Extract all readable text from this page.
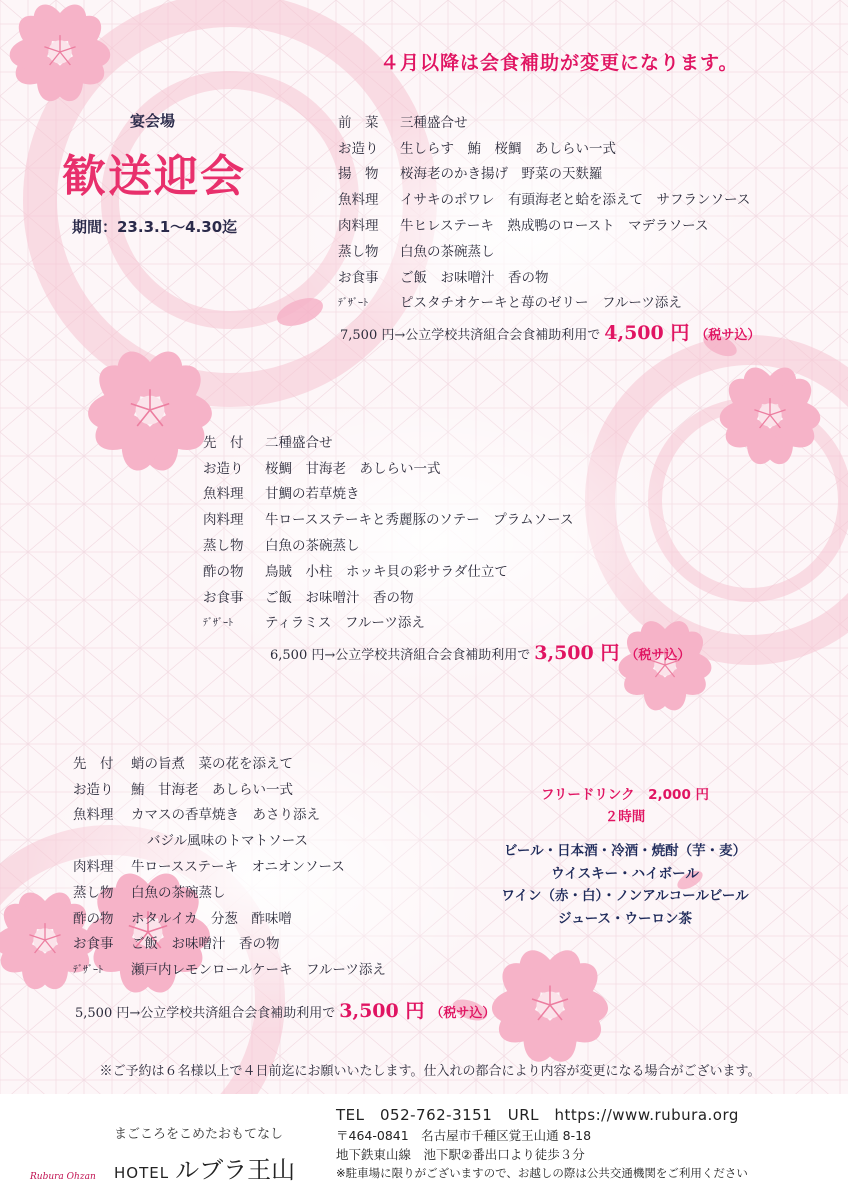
４月以降は会食補助が変更になります。
宴会場
歓送迎会
期間：23.3.1～4.30迄
前　菜	三種盛合せ
お造り	生しらす　鮪　桜鯛　あしらい一式
揚　物	桜海老のかき揚げ　野菜の天麩羅
魚料理	イサキのポワレ　有頭海老と蛤を添えて　サフランソース
肉料理	牛ヒレステーキ　熟成鴨のロースト　マデラソース
蒸し物	白魚の茶碗蒸し
お食事	ご飯　お味噌汁　香の物
ﾃﾞｻﾞｰﾄ	ピスタチオケーキと苺のゼリー　フルーツ添え
7,500 円→公立学校共済組合会食補助利用で 4,500 円 （税サ込）
先　付	二種盛合せ
お造り	桜鯛　甘海老　あしらい一式
魚料理	甘鯛の若草焼き
肉料理	牛ロースステーキと秀麗豚のソテー　プラムソース
蒸し物	白魚の茶碗蒸し
酢の物	鳥賊　小柱　ホッキ貝の彩サラダ仕立て
お食事	ご飯　お味噌汁　香の物
ﾃﾞｻﾞｰﾄ	ティラミス　フルーツ添え
6,500 円→公立学校共済組合会食補助利用で 3,500 円 （税サ込）
先　付	蛸の旨煮　菜の花を添えて
お造り	鮪　甘海老　あしらい一式
魚料理	カマスの香草焼き　あさり添え
バジル風味のトマトソース
肉料理	牛ロースステーキ　オニオンソース
蒸し物	白魚の茶碗蒸し
酢の物	ホタルイカ　分葱　酢味噌
お食事	ご飯　お味噌汁　香の物
ﾃﾞｻﾞｰﾄ	瀬戸内レモンロールケーキ　フルーツ添え
5,500 円→公立学校共済組合会食補助利用で 3,500 円 （税サ込）
フリードリンク　2,000 円
２時間
ビール・日本酒・冷酒・焼酎（芋・麦）
ウイスキー・ハイボール
ワイン（赤・白）・ノンアルコールビール
ジュース・ウーロン茶
※ご予約は６名様以上で４日前迄にお願いいたします。仕入れの都合により内容が変更になる場合がございます。
Rubura Ohzan
まごころをこめたおもてなし
HOTEL ルブラ王山
TEL　052-762-3151　URL　https://www.rubura.org
〒464-0841　名古屋市千種区覚王山通 8-18
地下鉄東山線　池下駅②番出口より徒歩３分
※駐車場に限りがございますので、お越しの際は公共交通機関をご利用ください
